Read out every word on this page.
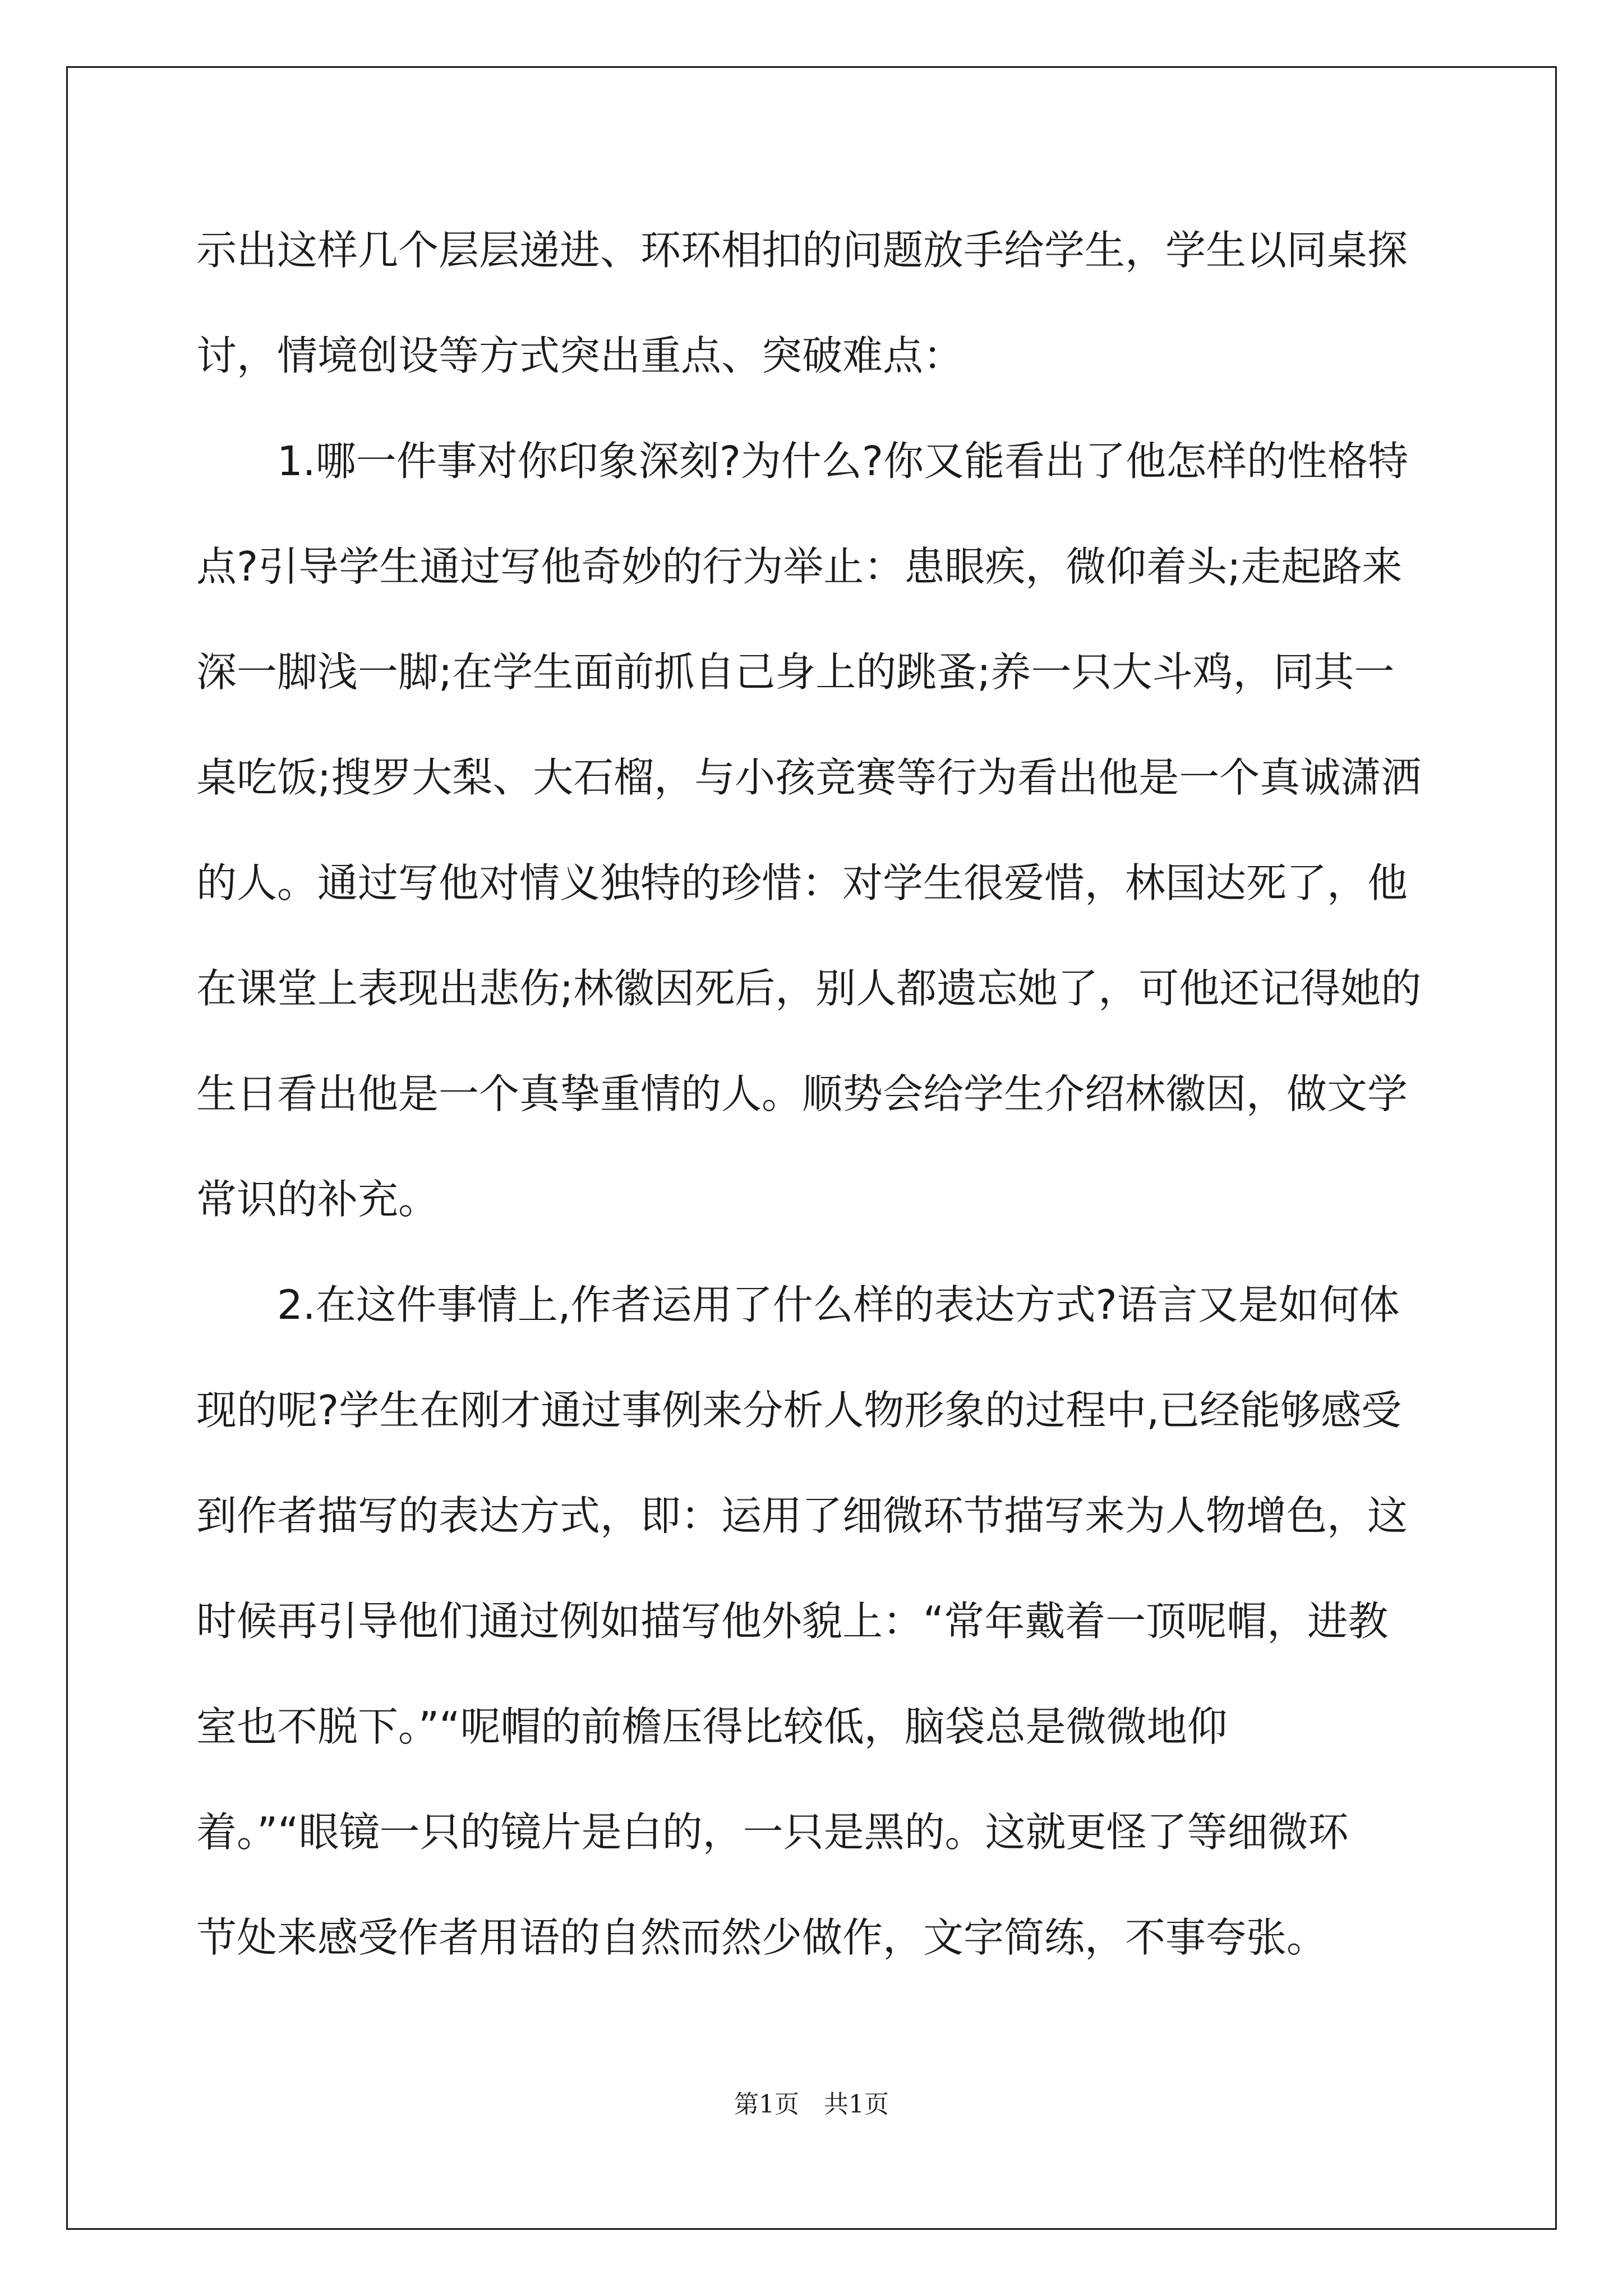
示出这样几个层层递进、环环相扣的问题放手给学生，学生以同桌探
讨，情境创设等方式突出重点、突破难点：
　　1.哪一件事对你印象深刻?为什么?你又能看出了他怎样的性格特
点?引导学生通过写他奇妙的行为举止：患眼疾，微仰着头;走起路来
深一脚浅一脚;在学生面前抓自己身上的跳蚤;养一只大斗鸡，同其一
桌吃饭;搜罗大梨、大石榴，与小孩竞赛等行为看出他是一个真诚潇洒
的人。通过写他对情义独特的珍惜：对学生很爱惜，林国达死了，他
在课堂上表现出悲伤;林徽因死后，别人都遗忘她了，可他还记得她的
生日看出他是一个真挚重情的人。顺势会给学生介绍林徽因，做文学
常识的补充。
　　2.在这件事情上,作者运用了什么样的表达方式?语言又是如何体
现的呢?学生在刚才通过事例来分析人物形象的过程中,已经能够感受
到作者描写的表达方式，即：运用了细微环节描写来为人物增色，这
时候再引导他们通过例如描写他外貌上：“常年戴着一顶呢帽，进教
室也不脱下。”“呢帽的前檐压得比较低，脑袋总是微微地仰
着。”“眼镜一只的镜片是白的，一只是黑的。这就更怪了等细微环
节处来感受作者用语的自然而然少做作，文字简练，不事夸张。
第1页　共1页
